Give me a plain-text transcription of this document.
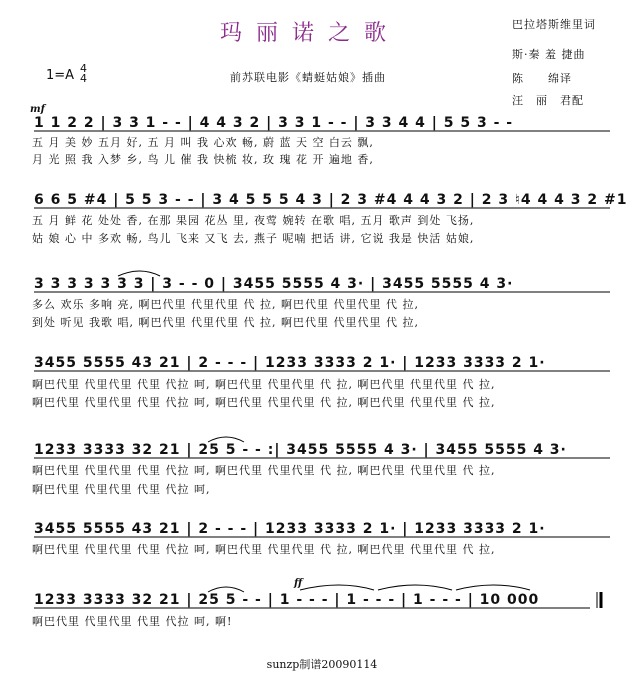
玛丽诺之歌	巴拉塔斯维里词
斯·秦 羞 捷曲
陈　　绵译
汪　丽　君配
1=A 4
4	前苏联电影《蜻蜓姑娘》插曲
mf
ff
1 1 2 2 | 3 3 1 - - | 4 4 3 2 | 3 3 1 - - | 3 3 4 4 | 5 5 3 - -
五 月 美 妙 五月 好, 五 月 叫 我 心欢 畅, 蔚 蓝 天 空 白云 飘,
月 光 照 我 入梦 乡, 鸟 儿 催 我 快梳 妆, 玫 瑰 花 开 遍地 香,
6 6 5 #4 | 5 5 3 - - | 3 4 5 5 5 4 3 | 2 3 #4 4 4 3 2 | 2 3 ♮4 4 4 3 2 #1
五 月 鲜 花 处处 香, 在那 果园 花丛 里, 夜莺 婉转 在歌 唱, 五月 歌声 到处 飞扬,
姑 娘 心 中 多欢 畅, 鸟儿 飞来 又飞 去, 燕子 呢喃 把话 讲, 它说 我是 快活 姑娘,
3 3 3 3 3 3 3 | 3 - - 0 | 3455 5555 4 3· | 3455 5555 4 3·
多么 欢乐 多响 亮, 啊巴代里 代里代里 代 拉, 啊巴代里 代里代里 代 拉,
到处 听见 我歌 唱, 啊巴代里 代里代里 代 拉, 啊巴代里 代里代里 代 拉,
3455 5555 43 21 | 2 - - - | 1233 3333 2 1· | 1233 3333 2 1·
啊巴代里 代里代里 代里 代拉 呵, 啊巴代里 代里代里 代 拉, 啊巴代里 代里代里 代 拉,
啊巴代里 代里代里 代里 代拉 呵, 啊巴代里 代里代里 代 拉, 啊巴代里 代里代里 代 拉,
1233 3333 32 21 | 25 5 - - :| 3455 5555 4 3· | 3455 5555 4 3·
啊巴代里 代里代里 代里 代拉 呵, 啊巴代里 代里代里 代 拉, 啊巴代里 代里代里 代 拉,
啊巴代里 代里代里 代里 代拉 呵,
3455 5555 43 21 | 2 - - - | 1233 3333 2 1· | 1233 3333 2 1·
啊巴代里 代里代里 代里 代拉 呵, 啊巴代里 代里代里 代 拉, 啊巴代里 代里代里 代 拉,
1233 3333 32 21 | 25 5 - - | 1 - - - | 1 - - - | 1 - - - | 10 000
啊巴代里 代里代里 代里 代拉 呵, 啊!
sunzp制谱20090114
